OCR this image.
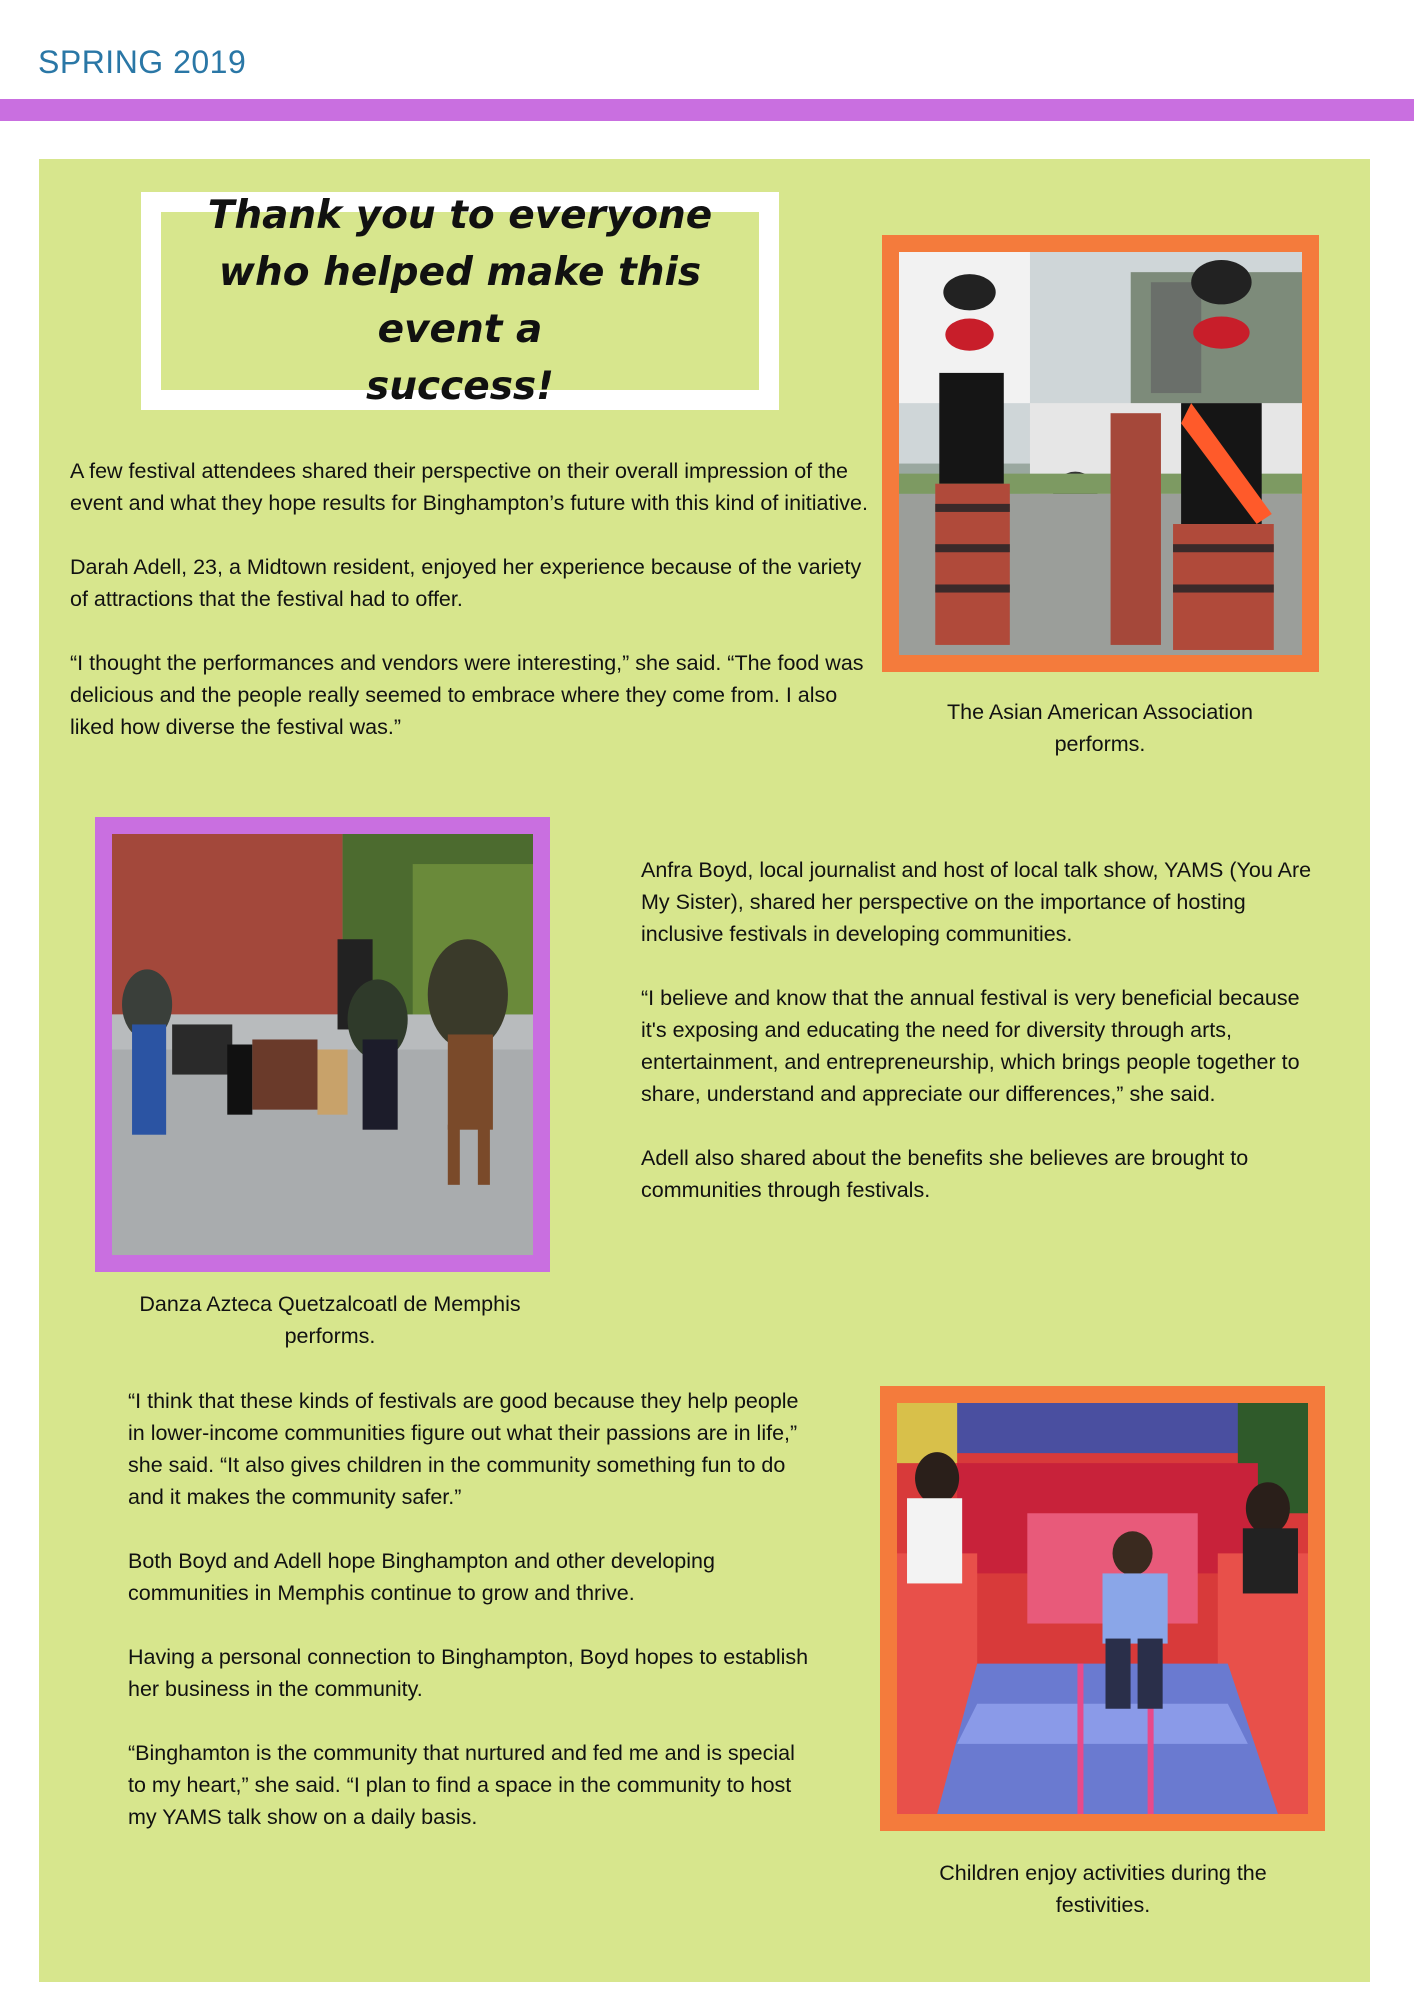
SPRING 2019
Thank you to everyone
who helped make this event a
success!

A few festival attendees shared their perspective on their overall impression of the event and what they hope results for Binghampton’s future with this kind of initiative.

Darah Adell, 23, a Midtown resident, enjoyed her experience because of the variety of attractions that the festival had to offer.

“I thought the performances and vendors were interesting,” she said. “The food was delicious and the people really seemed to embrace where they come from. I also liked how diverse the festival was.”

The Asian American Association performs.
Danza Azteca Quetzalcoatl de Memphis performs.

Anfra Boyd, local journalist and host of local talk show, YAMS (You Are My Sister), shared her perspective on the importance of hosting inclusive festivals in developing communities.

“I believe and know that the annual festival is very beneficial because it's exposing and educating the need for diversity through arts, entertainment, and entrepreneurship, which brings people together to share, understand and appreciate our differences,” she said.

Adell also shared about the benefits she believes are brought to communities through festivals.

“I think that these kinds of festivals are good because they help people in lower-income communities figure out what their passions are in life,” she said. “It also gives children in the community something fun to do and it makes the community safer.”

Both Boyd and Adell hope Binghampton and other developing communities in Memphis continue to grow and thrive.

Having a personal connection to Binghampton, Boyd hopes to establish her business in the community.

“Binghamton is the community that nurtured and fed me and is special to my heart,” she said. “I plan to find a space in the community to host my YAMS talk show on a daily basis.

Children enjoy activities during the festivities.
